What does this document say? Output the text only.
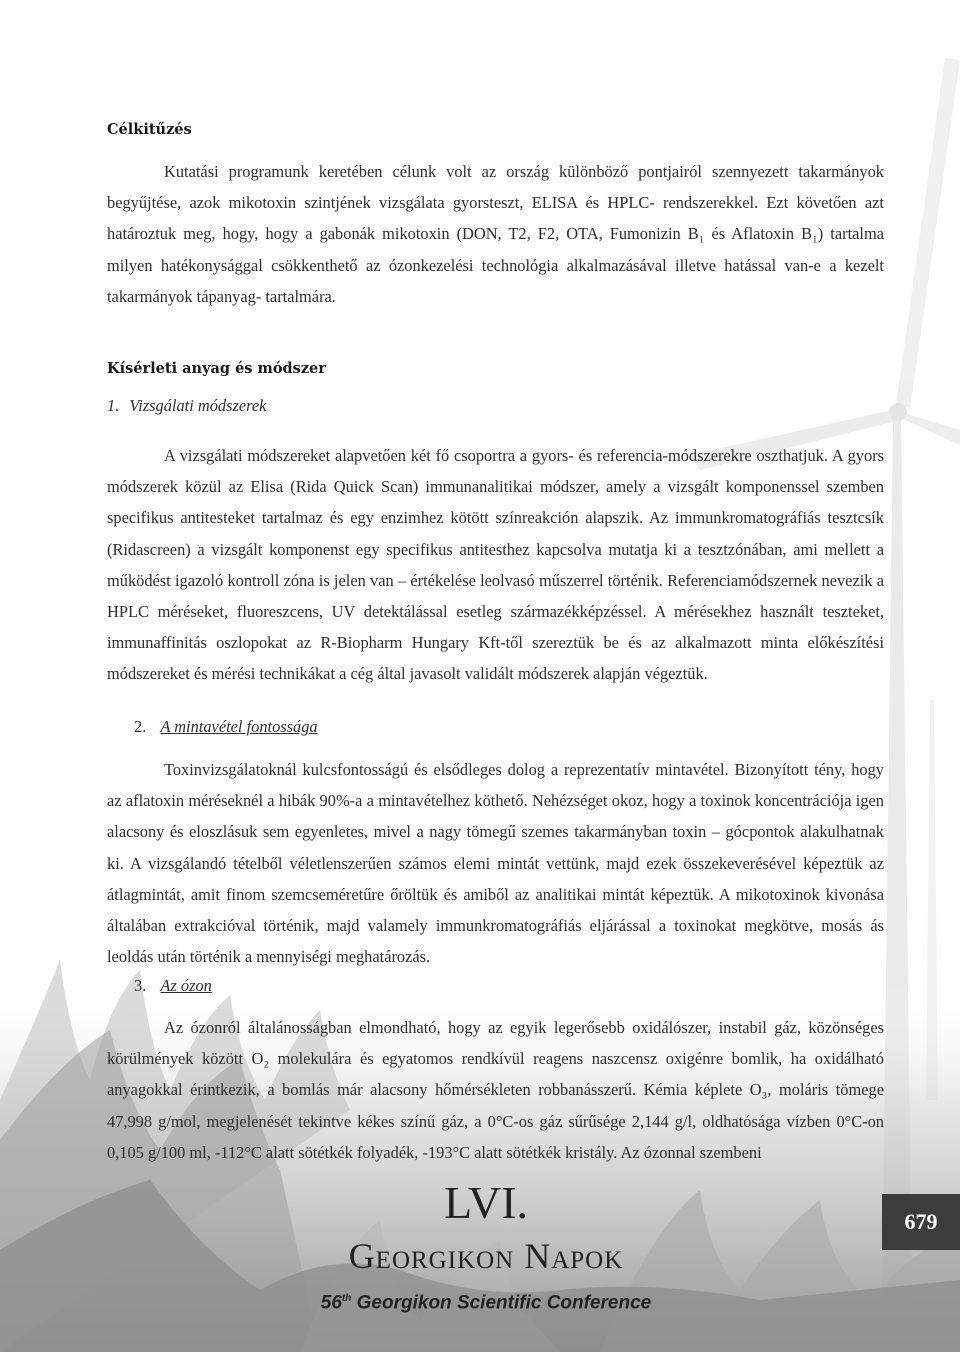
Célkitűzés

Kutatási programunk keretében célunk volt az ország különböző pontjairól szennyezett takarmányok begyűjtése, azok mikotoxin szintjének vizsgálata gyorsteszt, ELISA és HPLC- rendszerekkel. Ezt követően azt határoztuk meg, hogy, hogy a gabonák mikotoxin (DON, T2, F2, OTA, Fumonizin B₁ és Aflatoxin B₁) tartalma milyen hatékonysággal csökkenthető az ózonkezelési technológia alkalmazásával illetve hatással van-e a kezelt takarmányok tápanyag- tartalmára.

Kísérleti anyag és módszer
1. Vizsgálati módszerek

A vizsgálati módszereket alapvetően két fő csoportra a gyors- és referencia-módszerekre oszthatjuk. A gyors módszerek közül az Elisa (Rida Quick Scan) immunanalitikai módszer, amely a vizsgált komponenssel szemben specifikus antitesteket tartalmaz és egy enzimhez kötött színreakción alapszik. Az immunkromatográfiás tesztcsík (Ridascreen) a vizsgált komponenst egy specifikus antitesthez kapcsolva mutatja ki a tesztzónában, ami mellett a működést igazoló kontroll zóna is jelen van – értékelése leolvasó műszerrel történik. Referenciamódszernek nevezik a HPLC méréseket, fluoreszcens, UV detektálással esetleg származékképzéssel. A mérésekhez használt teszteket, immunaffinitás oszlopokat az R-Biopharm Hungary Kft-től szereztük be és az alkalmazott minta előkészítési módszereket és mérési technikákat a cég által javasolt validált módszerek alapján végeztük.

2. A mintavétel fontossága

Toxinvizsgálatoknál kulcsfontosságú és elsődleges dolog a reprezentatív mintavétel. Bizonyított tény, hogy az aflatoxin méréseknél a hibák 90%-a a mintavételhez köthető. Nehézséget okoz, hogy a toxinok koncentrációja igen alacsony és eloszlásuk sem egyenletes, mivel a nagy tömegű szemes takarmányban toxin – gócpontok alakulhatnak ki. A vizsgálandó tételből véletlenszerűen számos elemi mintát vettünk, majd ezek összekeverésével képeztük az átlagmintát, amit finom szemcseméretűre őröltük és amiből az analitikai mintát képeztük. A mikotoxinok kivonása általában extrakcióval történik, majd valamely immunkromatográfiás eljárással a toxinokat megkötve, mosás ás leoldás után történik a mennyiségi meghatározás.

3. Az ózon

Az ózonról általánosságban elmondható, hogy az egyik legerősebb oxidálószer, instabil gáz, közönséges körülmények között O₂ molekulára és egyatomos rendkívül reagens naszcensz oxigénre bomlik, ha oxidálható anyagokkal érintkezik, a bomlás már alacsony hőmérsékleten robbanásszerű. Kémia képlete O₃, moláris tömege 47,998 g/mol, megjelenését tekintve kékes színű gáz, a 0°C-os gáz sűrűsége 2,144 g/l, oldhatósága vízben 0°C-on 0,105 g/100 ml, -112°C alatt sötétkék folyadék, -193°C alatt sötétkék kristály. Az ózonnal szembeni

LVI.
Georgikon Napok
56th Georgikon Scientific Conference
679
